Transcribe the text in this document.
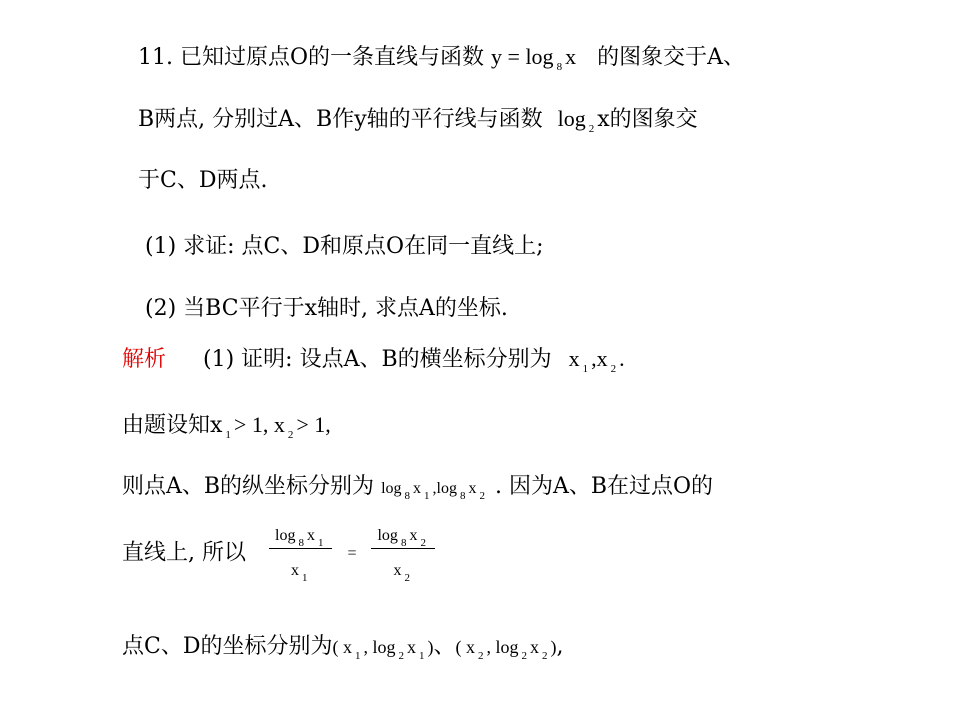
11. 已知过原点O的一条直线与函数 y = log $_8$ x 的图象交于A、
B两点, 分别过A、B作y轴的平行线与函数 log $_2$ x的图象交
于C、D两点.
(1) 求证: 点C、D和原点O在同一直线上;
(2) 当BC平行于x轴时, 求点A的坐标.
解析 (1) 证明: 设点A、B的横坐标分别为 x $_1$ ,x $_2$ .
由题设知x $_1$ > 1, x $_2$ > 1,
则点A、B的纵坐标分别为 log $_8$ x $_1$ ,log $_8$ x $_2$ . 因为A、B在过点O的
直线上, 所以 $\frac{\log _8 x _1}{x _1} = \frac{\log _8 x _2}{x _2}$
点C、D的坐标分别为( x $_1$ , log $_2$ x $_1$ )、( x $_2$ , log $_2$ x $_2$ ),
